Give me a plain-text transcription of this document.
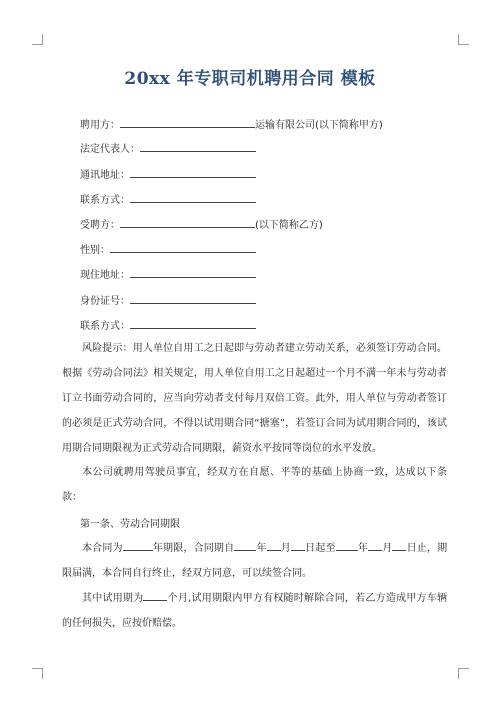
20xx 年专职司机聘用合同 模板
聘用方：	运输有限公司(以下简称甲方)
法定代表人：
通讯地址：
联系方式：
受聘方：	(以下简称乙方)
性别：
现住地址：
身份证号：
联系方式：
风险提示：用人单位自用工之日起即与劳动者建立劳动关系，必须签订劳动合同。根据《劳动合同法》相关规定，用人单位自用工之日起超过一个月不满一年未与劳动者订立书面劳动合同的，应当向劳动者支付每月双倍工资。此外，用人单位与劳动者签订的必须是正式劳动合同，不得以试用期合同“搪塞”，若签订合同为试用期合同的，该试用期合同期限视为正式劳动合同期限，薪资水平按同等岗位的水平发放。
本公司就聘用驾驶员事宜，经双方在自愿、平等的基础上协商一致，达成以下条款：
第一条、劳动合同期限
本合同为	年期限，合同期自 年 月 日起至 年 月 日止，期限届满，本合同自行终止，经双方同意，可以续签合同。
其中试用期为 个月,试用期限内甲方有权随时解除合同，若乙方造成甲方车辆的任何损失，应按价赔偿。
